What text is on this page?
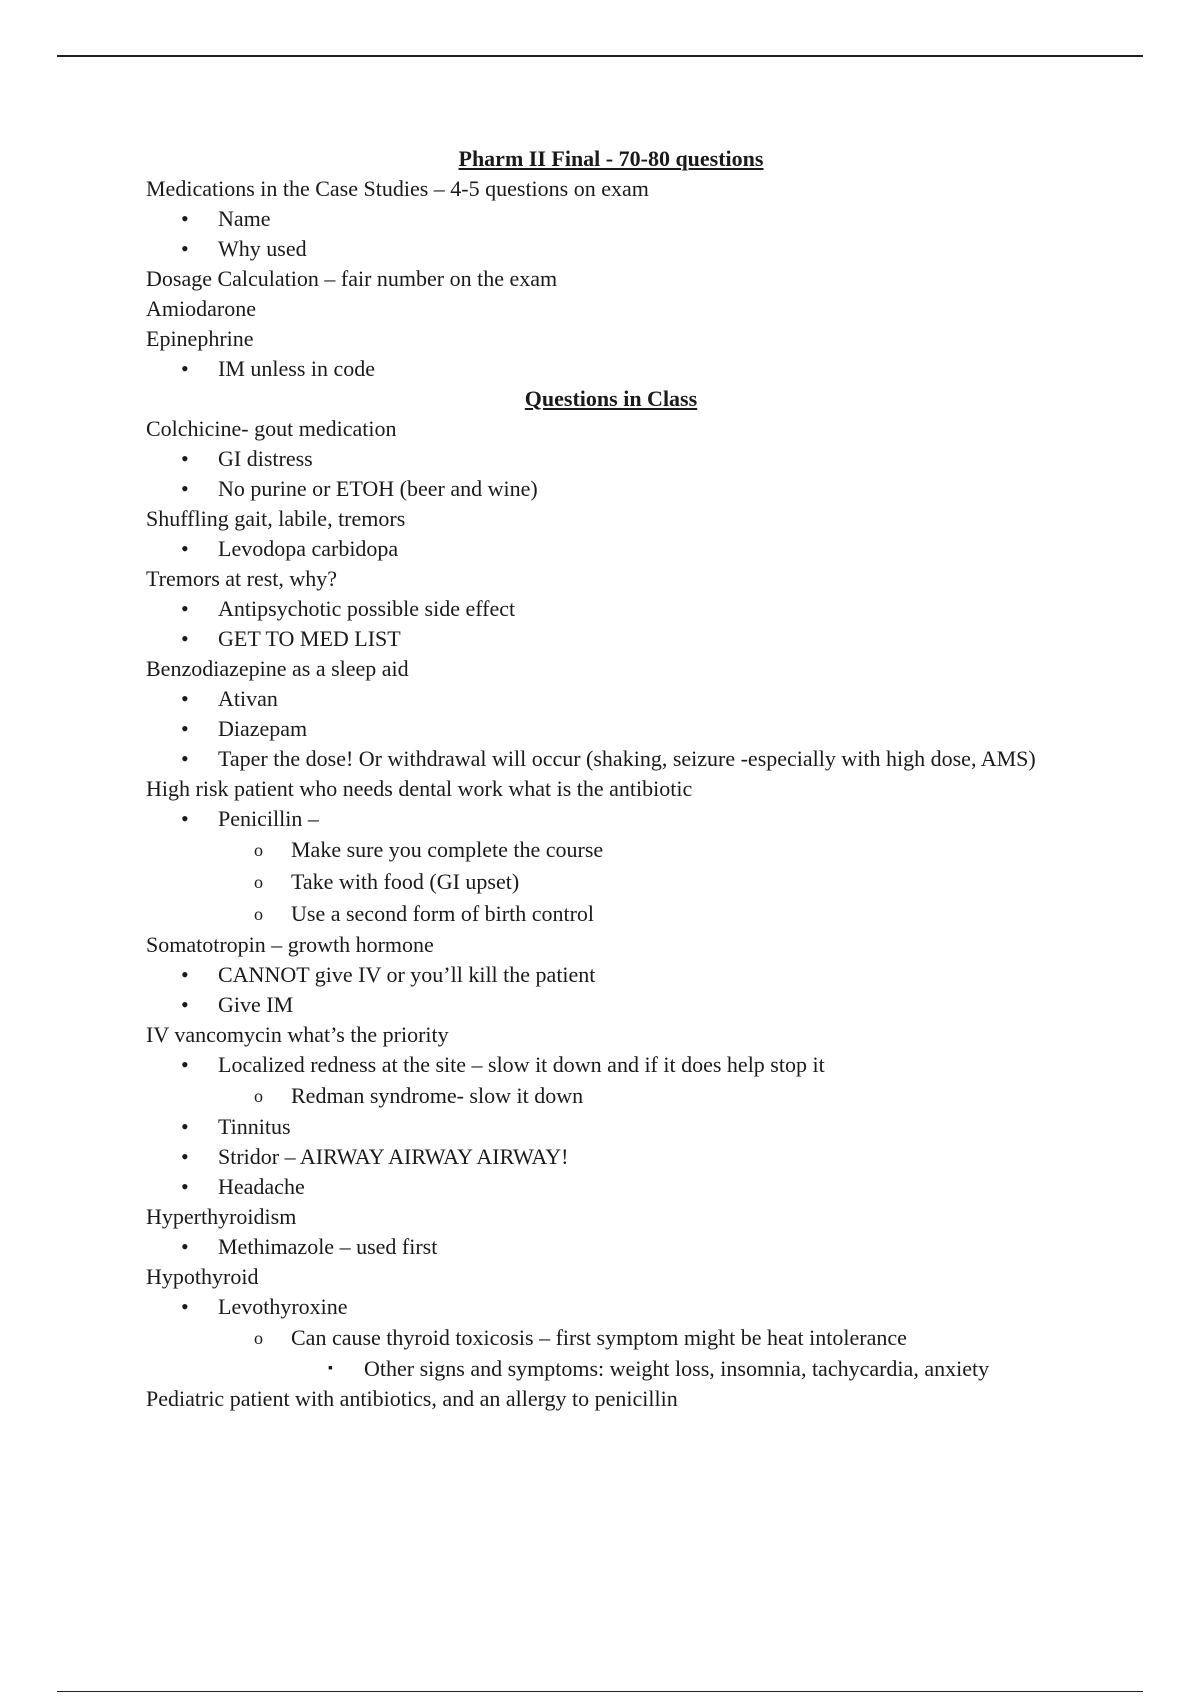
Pharm II Final - 70-80 questions
Medications in the Case Studies – 4-5 questions on exam
• Name
• Why used
Dosage Calculation – fair number on the exam
Amiodarone
Epinephrine
• IM unless in code
Questions in Class
Colchicine- gout medication
• GI distress
• No purine or ETOH (beer and wine)
Shuffling gait, labile, tremors
• Levodopa carbidopa
Tremors at rest, why?
• Antipsychotic possible side effect
• GET TO MED LIST
Benzodiazepine as a sleep aid
• Ativan
• Diazepam
• Taper the dose! Or withdrawal will occur (shaking, seizure -especially with high dose, AMS)
High risk patient who needs dental work what is the antibiotic
• Penicillin –
o Make sure you complete the course
o Take with food (GI upset)
o Use a second form of birth control
Somatotropin – growth hormone
• CANNOT give IV or you’ll kill the patient
• Give IM
IV vancomycin what’s the priority
• Localized redness at the site – slow it down and if it does help stop it
o Redman syndrome- slow it down
• Tinnitus
• Stridor – AIRWAY AIRWAY AIRWAY!
• Headache
Hyperthyroidism
• Methimazole – used first
Hypothyroid
• Levothyroxine
o Can cause thyroid toxicosis – first symptom might be heat intolerance
▪ Other signs and symptoms: weight loss, insomnia, tachycardia, anxiety
Pediatric patient with antibiotics, and an allergy to penicillin
